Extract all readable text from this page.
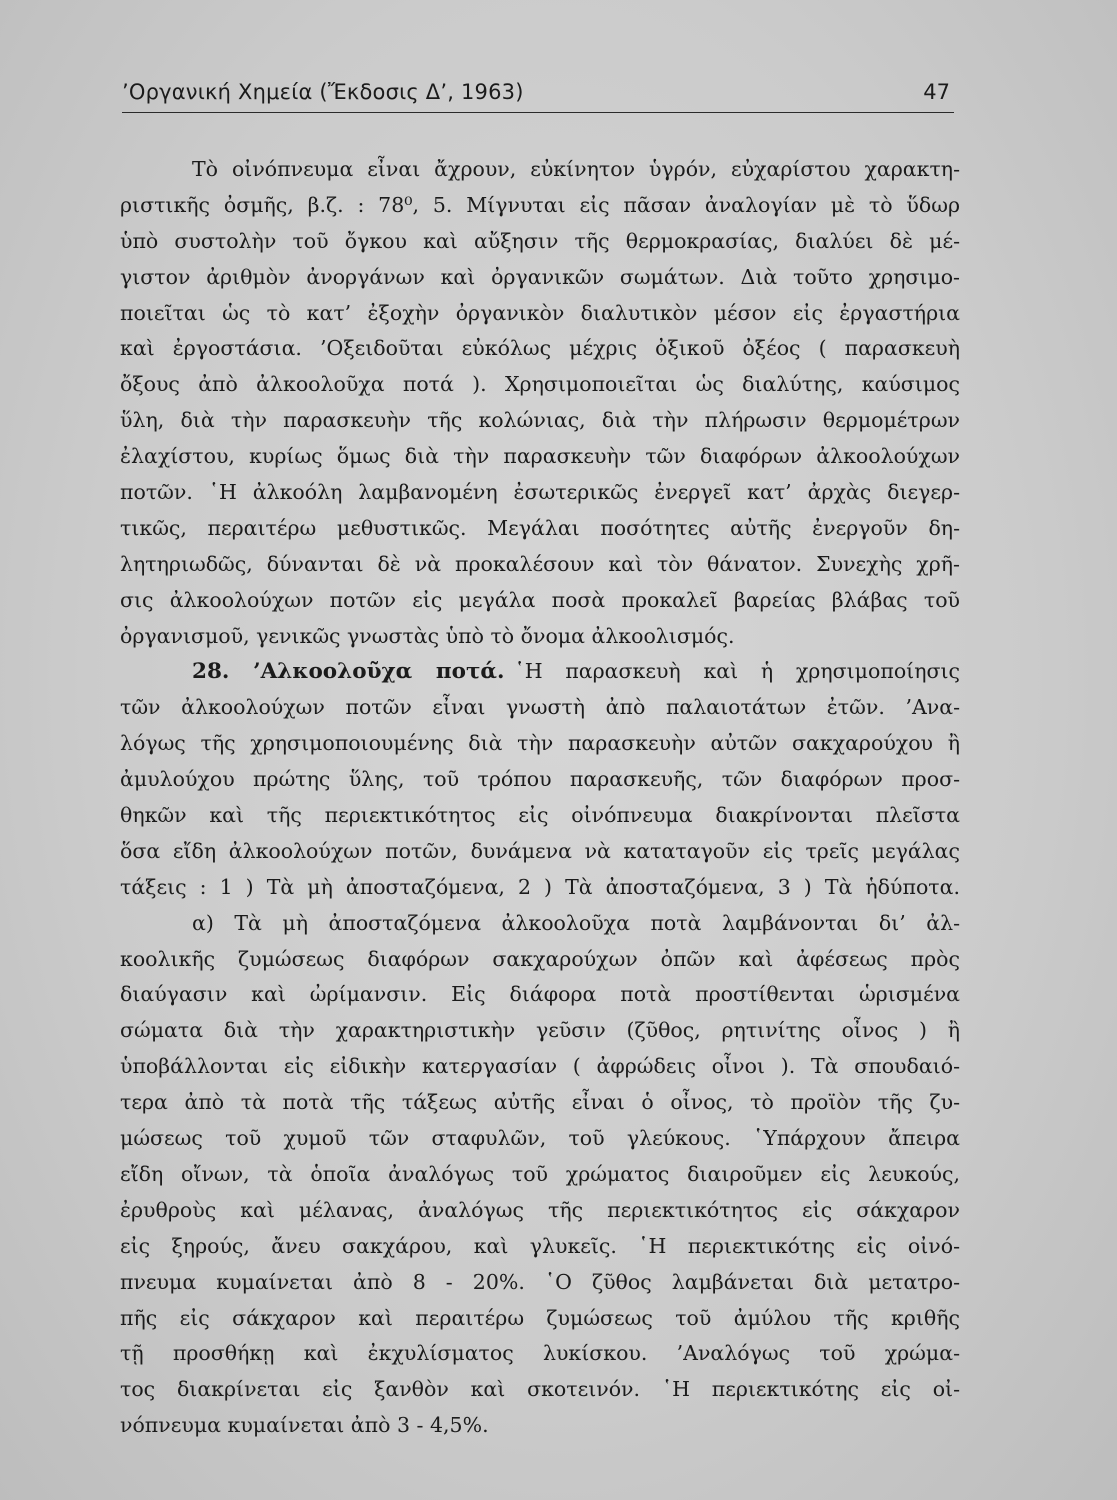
’Οργανική Χημεία (Ἔκδοσις Δ’, 1963)	47
Τὸ οἰνόπνευμα εἶναι ἄχρουν, εὐκίνητον ὑγρόν, εὐχαρίστου χαρακτη-
ριστικῆς ὀσμῆς, β.ζ. : 78⁰, 5. Μίγνυται εἰς πᾶσαν ἀναλογίαν μὲ τὸ ὕδωρ
ὑπὸ συστολὴν τοῦ ὄγκου καὶ αὔξησιν τῆς θερμοκρασίας, διαλύει δὲ μέ-
γιστον ἀριθμὸν ἀνοργάνων καὶ ὀργανικῶν σωμάτων. Διὰ τοῦτο χρησιμο-
ποιεῖται ὡς τὸ κατ’ ἐξοχὴν ὀργανικὸν διαλυτικὸν μέσον εἰς ἐργαστήρια
καὶ ἐργοστάσια. ’Οξειδοῦται εὐκόλως μέχρις ὀξικοῦ ὀξέος ( παρασκευὴ
ὄξους ἀπὸ ἀλκοολοῦχα ποτά ). Χρησιμοποιεῖται ὡς διαλύτης, καύσιμος
ὕλη, διὰ τὴν παρασκευὴν τῆς κολώνιας, διὰ τὴν πλήρωσιν θερμομέτρων
ἐλαχίστου, κυρίως ὅμως διὰ τὴν παρασκευὴν τῶν διαφόρων ἀλκοολούχων
ποτῶν. ῾Η ἀλκοόλη λαμβανομένη ἐσωτερικῶς ἐνεργεῖ κατ’ ἀρχὰς διεγερ-
τικῶς, περαιτέρω μεθυστικῶς. Μεγάλαι ποσότητες αὐτῆς ἐνεργοῦν δη-
λητηριωδῶς, δύνανται δὲ νὰ προκαλέσουν καὶ τὸν θάνατον. Συνεχὴς χρῆ-
σις ἀλκοολούχων ποτῶν εἰς μεγάλα ποσὰ προκαλεῖ βαρείας βλάβας τοῦ
ὀργανισμοῦ, γενικῶς γνωστὰς ὑπὸ τὸ ὄνομα ἀλκοολισμός.
28. ’Αλκοολοῦχα ποτά. ῾Η παρασκευὴ καὶ ἡ χρησιμοποίησις
τῶν ἀλκοολούχων ποτῶν εἶναι γνωστὴ ἀπὸ παλαιοτάτων ἐτῶν. ’Ανα-
λόγως τῆς χρησιμοποιουμένης διὰ τὴν παρασκευὴν αὐτῶν σακχαρούχου ἢ
ἀμυλούχου πρώτης ὕλης, τοῦ τρόπου παρασκευῆς, τῶν διαφόρων προσ-
θηκῶν καὶ τῆς περιεκτικότητος εἰς οἰνόπνευμα διακρίνονται πλεῖστα
ὅσα εἴδη ἀλκοολούχων ποτῶν, δυνάμενα νὰ καταταγοῦν εἰς τρεῖς μεγάλας
τάξεις : 1 ) Τὰ μὴ ἀποσταζόμενα, 2 ) Τὰ ἀποσταζόμενα, 3 ) Τὰ ἡδύποτα.
α) Τὰ μὴ ἀποσταζόμενα ἀλκοολοῦχα ποτὰ λαμβάνονται δι’ ἀλ-
κοολικῆς ζυμώσεως διαφόρων σακχαρούχων ὀπῶν καὶ ἀφέσεως πρὸς
διαύγασιν καὶ ὠρίμανσιν. Εἰς διάφορα ποτὰ προστίθενται ὡρισμένα
σώματα διὰ τὴν χαρακτηριστικὴν γεῦσιν (ζῦθος, ρητινίτης οἶνος ) ἢ
ὑποβάλλονται εἰς εἰδικὴν κατεργασίαν ( ἀφρώδεις οἶνοι ). Τὰ σπουδαιό-
τερα ἀπὸ τὰ ποτὰ τῆς τάξεως αὐτῆς εἶναι ὁ οἶνος, τὸ προϊὸν τῆς ζυ-
μώσεως τοῦ χυμοῦ τῶν σταφυλῶν, τοῦ γλεύκους. ῾Υπάρχουν ἄπειρα
εἴδη οἴνων, τὰ ὁποῖα ἀναλόγως τοῦ χρώματος διαιροῦμεν εἰς λευκούς,
ἐρυθροὺς καὶ μέλανας, ἀναλόγως τῆς περιεκτικότητος εἰς σάκχαρον
εἰς ξηρούς, ἄνευ σακχάρου, καὶ γλυκεῖς. ῾Η περιεκτικότης εἰς οἰνό-
πνευμα κυμαίνεται ἀπὸ 8 - 20%. ῾Ο ζῦθος λαμβάνεται διὰ μετατρο-
πῆς εἰς σάκχαρον καὶ περαιτέρω ζυμώσεως τοῦ ἀμύλου τῆς κριθῆς
τῇ προσθήκῃ καὶ ἐκχυλίσματος λυκίσκου. ’Αναλόγως τοῦ χρώμα-
τος διακρίνεται εἰς ξανθὸν καὶ σκοτεινόν. ῾Η περιεκτικότης εἰς οἰ-
νόπνευμα κυμαίνεται ἀπὸ 3 - 4,5%.
